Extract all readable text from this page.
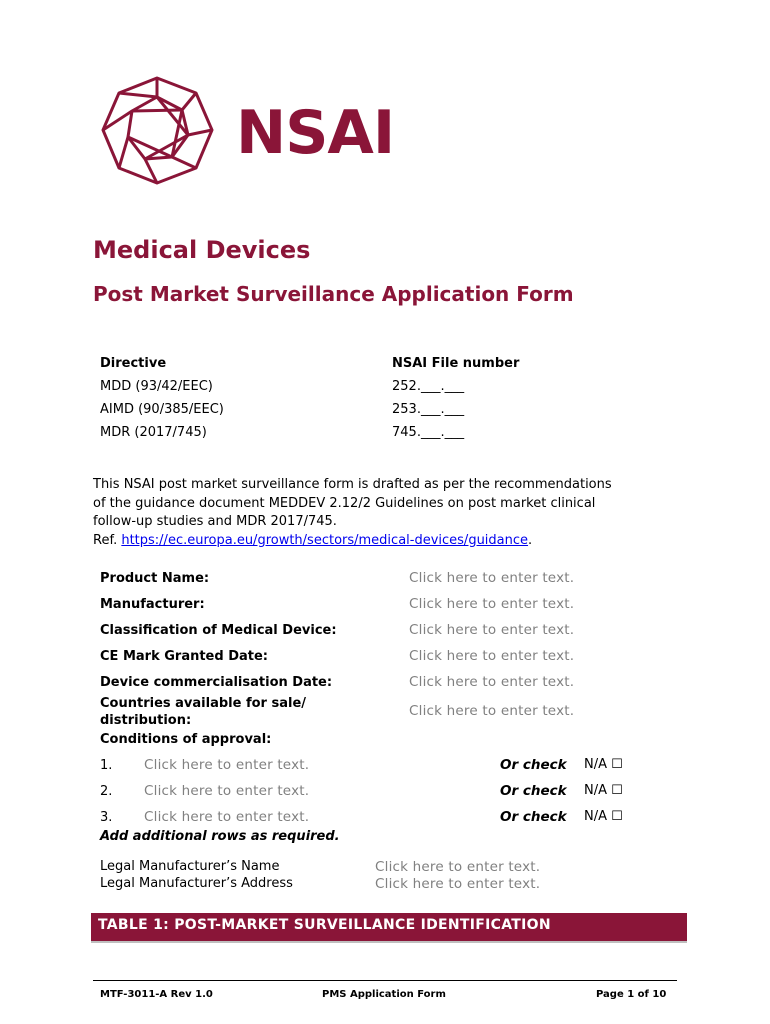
NSAI
Medical Devices
Post Market Surveillance Application Form
Directive	NSAI File number
MDD (93/42/EEC)	252.___.___
AIMD (90/385/EEC)	253.___.___
MDR (2017/745)	745.___.___
This NSAI post market surveillance form is drafted as per the recommendations
of the guidance document MEDDEV 2.12/2 Guidelines on post market clinical
follow-up studies and MDR 2017/745.
Ref. https://ec.europa.eu/growth/sectors/medical-devices/guidance.
Product Name:	Click here to enter text.
Manufacturer:	Click here to enter text.
Classification of Medical Device:	Click here to enter text.
CE Mark Granted Date:	Click here to enter text.
Device commercialisation Date:	Click here to enter text.
Countries available for sale/
distribution:
Click here to enter text.
Conditions of approval:
1. Click here to enter text.	Or check N/A ☐
2. Click here to enter text.	Or check N/A ☐
3. Click here to enter text.	Or check N/A ☐
Add additional rows as required.
Legal Manufacturer’s Name	Click here to enter text.
Legal Manufacturer’s Address	Click here to enter text.
TABLE 1: POST-MARKET SURVEILLANCE IDENTIFICATION
MTF-3011-A Rev 1.0	PMS Application Form	Page 1 of 10
